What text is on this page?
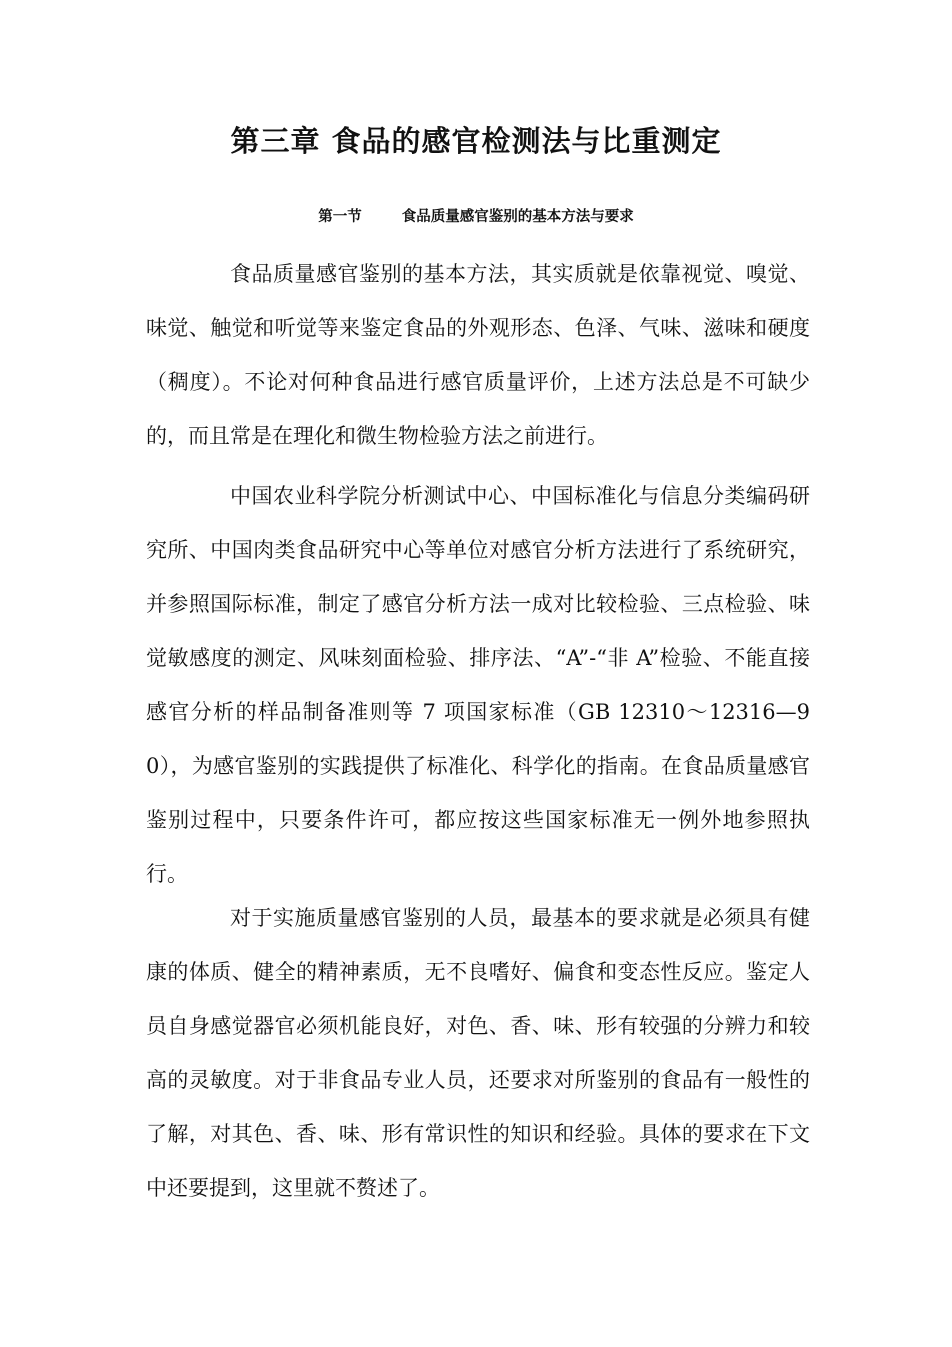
第三章 食品的感官检测法与比重测定
第一节	食品质量感官鉴别的基本方法与要求

食品质量感官鉴别的基本方法，其实质就是依靠视觉、嗅觉、味觉、触觉和听觉等来鉴定食品的外观形态、色泽、气味、滋味和硬度（稠度）。不论对何种食品进行感官质量评价，上述方法总是不可缺少的，而且常是在理化和微生物检验方法之前进行。

中国农业科学院分析测试中心、中国标准化与信息分类编码研究所、中国肉类食品研究中心等单位对感官分析方法进行了系统研究，并参照国际标准，制定了感官分析方法一成对比较检验、三点检验、味觉敏感度的测定、风味刻面检验、排序法、“A”-“非 A”检验、不能直接感官分析的样品制备准则等 7 项国家标准（GB 12310～12316—90），为感官鉴别的实践提供了标准化、科学化的指南。在食品质量感官鉴别过程中，只要条件许可，都应按这些国家标准无一例外地参照执行。

对于实施质量感官鉴别的人员，最基本的要求就是必须具有健康的体质、健全的精神素质，无不良嗜好、偏食和变态性反应。鉴定人员自身感觉器官必须机能良好，对色、香、味、形有较强的分辨力和较高的灵敏度。对于非食品专业人员，还要求对所鉴别的食品有一般性的了解，对其色、香、味、形有常识性的知识和经验。具体的要求在下文中还要提到，这里就不赘述了。
